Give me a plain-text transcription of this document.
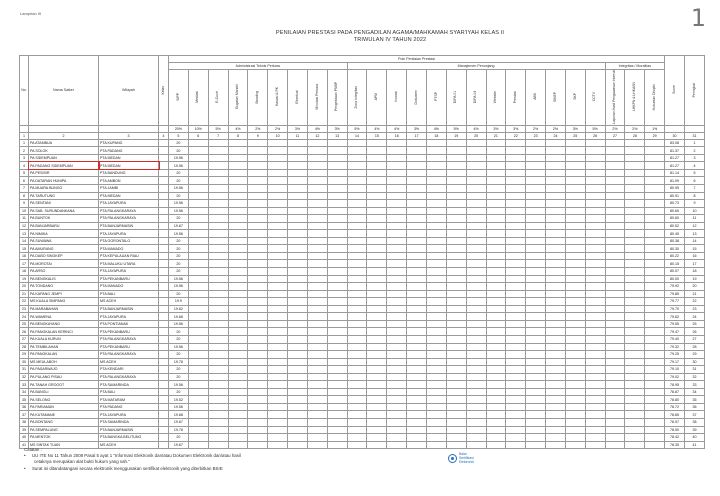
Lampiran III	1
PENILAIAN PRESTASI PADA PENGADILAN AGAMA/MAHKAMAH SYAR'IYAH KELAS II
TRIWULAN IV TAHUN 2022
No.	Nama Satker	Wilayah	Kelas	Poin Penilaian Prestasi																									Score	Peringkat
				Administrasi Teknis Perkara									Manajemen Penunjang													Integritas / Moralitas				
				SIPP	Mediasi	E-Court	Gugatan Mandiri	Banding	Kasasi & PK	Eksekusi	Minutasi Perkara	Pengelolaan PNBP	Zona Integritas	APM	Inovasi	Dokumen	PTSP	DIPA 01	DIPA 04	Website	Prestasi	ABS	SIKEP	SKP	CCTV	Laporan Hasil Pengawasan Internal	LHKPN & LHKASN	Hukuman Disiplin		
				20%	10%	5%	4%	2%	2%	3%	4%	3%	5%	4%	4%	3%	4%	5%	4%	3%	3%	2%	2%	3%	5%	2%	2%	1%		
1	2	3	4	5	6	7	8	9	10	11	12	13	14	15	16	17	18	19	20	21	22	23	24	25	26	27	28	29	30	31
1	PA ATAMBUA	PTA KUPANG		20																									83.08	1
2	PA SOLOK	PTA PADANG		20																									81.37	2
3	PA SIDEMPUAN	PTA MEDAN		19.56																									81.27	3
4	PA PADANG SIDEMPUAN	PTA MEDAN		19.56																									81.27	4
5	PA PESISIR	PTA BANDUNG		20																									81.14	5
6	PA DATARAN HUNIPA	PTA AMBON		20																									81.09	6
7	PA MUARA BUNGO	PTA JAMBI		19.56																									80.95	7
8	PA TARUTUNG	PTA MEDAN		20																									80.91	8
9	PA SENTANI	PTA JAYAPURA		19.56																									80.73	9
10	PA SAB. SURUNDANKANA	PTA PALANGKARAYA		19.56																									80.69	10
11	PA BUNTOK	PTA PALANGKARAYA		20																									80.60	11
12	PA BANJARBARU	PTA BANJARMASIN		19.67																									80.52	12
13	PA NIMIKA	PTA JAYAPURA		19.56																									80.45	13
14	PA SUWAWA	PTA GORONTALO		20																									80.38	14
15	PA AMURANG	PTA MANADO		20																									80.30	15
16	PA DABO SINGKEP	PTA KEPULAUAN RIAU		20																									80.22	16
17	PA MOROTAI	PTA MALUKU UTARA		20																									80.15	17
18	PA ARSO	PTA JAYAPURA		20																									80.07	18
19	PA BENGKALIS	PTA PEKANBARU		19.56																									80.00	19
20	PA TONDANO	PTA MANADO		19.56																									79.92	20
21	PA KAPANG JEMPI	PTA BALI		20																									79.85	21
22	MS KUALA SIMPANG	MS ACEH		19.9																									79.77	22
23	PA MARABAHAN	PTA BANJARMASIN		19.62																									79.70	23
24	PA WAMENA	PTA JAYAPURA		19.68																									79.62	24
25	PA BENGKAYANG	PTA PONTIANAK		19.56																									79.55	25
26	PA PANGKALAN KERINCI	PTA PEKANBARU		20																									79.47	26
27	PA KUALA KURUN	PTA PALANGKARAYA		20																									79.40	27
28	PA TEMBILAHAN	PTA PEKANBARU		19.56																									79.32	28
29	PA PANGKALAN	PTA PALANGKARAYA		20																									79.25	29
30	MS MEULABOH	MS ACEH		19.78																									79.17	30
31	PA PASARWAJO	PTA KENDARI		20																									79.10	31
32	PA PULANG PISAU	PTA PALANGKARAYA		20																									79.02	32
33	PA TANAH GROGOT	PTA SAMARINDA		19.56																									78.95	33
34	PA BANGLI	PTA BALI		20																									78.87	34
35	PA SELONG	PTA MATARAM		19.52																									78.80	35
36	PA PARIAMAN	PTA PADANG		19.56																									78.72	36
37	PA KUTAMANE	PTA JAYAPURA		19.68																									78.65	37
38	PA BONTANG	PTA SAMARINDA		19.67																									78.57	38
39	PA SEMPALUNG	PTA BANJARMASIN		19.78																									78.50	39
40	PA MENTOK	PTA BANGKA BELITUNG		20																									78.42	40
41	MS SINTAK TUAN	MS ACEH		19.67																									78.35	41
Catatan :
• UU ITE No 11 Tahun 2008 Pasal 5 ayat 1 "Informasi Elektronik dan/atau Dokumen Elektronik dan/atau hasil
cetaknya merupakan alat bukti hukum yang sah."
• Surat ini ditandatangani secara elektronik menggunakan sertifikat elektronik yang diterbitkan BSrE
Balai
Sertifikasi
Elektronik
